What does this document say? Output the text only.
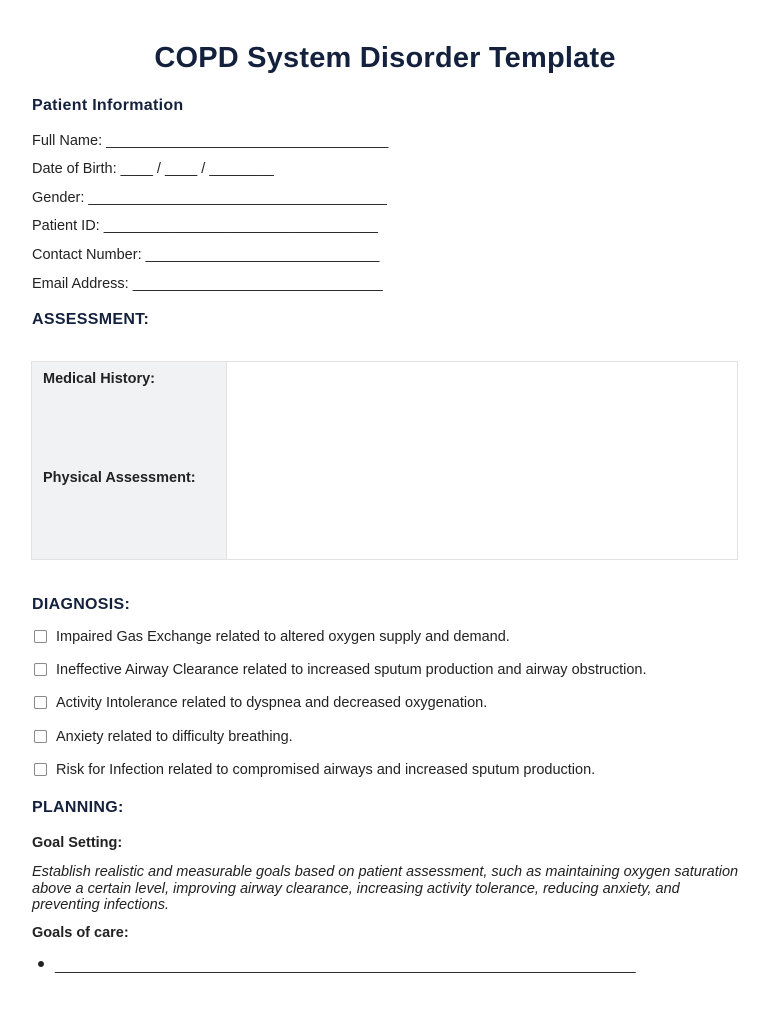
COPD System Disorder Template
Patient Information
Full Name: ___________________________________
Date of Birth: ____ / ____ / ________
Gender: _____________________________________
Patient ID: __________________________________
Contact Number: _____________________________
Email Address: _______________________________
ASSESSMENT:
Medical History:
Physical Assessment:
DIAGNOSIS:
Impaired Gas Exchange related to altered oxygen supply and demand.
Ineffective Airway Clearance related to increased sputum production and airway obstruction.
Activity Intolerance related to dyspnea and decreased oxygenation.
Anxiety related to difficulty breathing.
Risk for Infection related to compromised airways and increased sputum production.
PLANNING:
Goal Setting:
Establish realistic and measurable goals based on patient assessment, such as maintaining oxygen saturation above a certain level, improving airway clearance, increasing activity tolerance, reducing anxiety, and preventing infections.
Goals of care:
________________________________________________________________________
